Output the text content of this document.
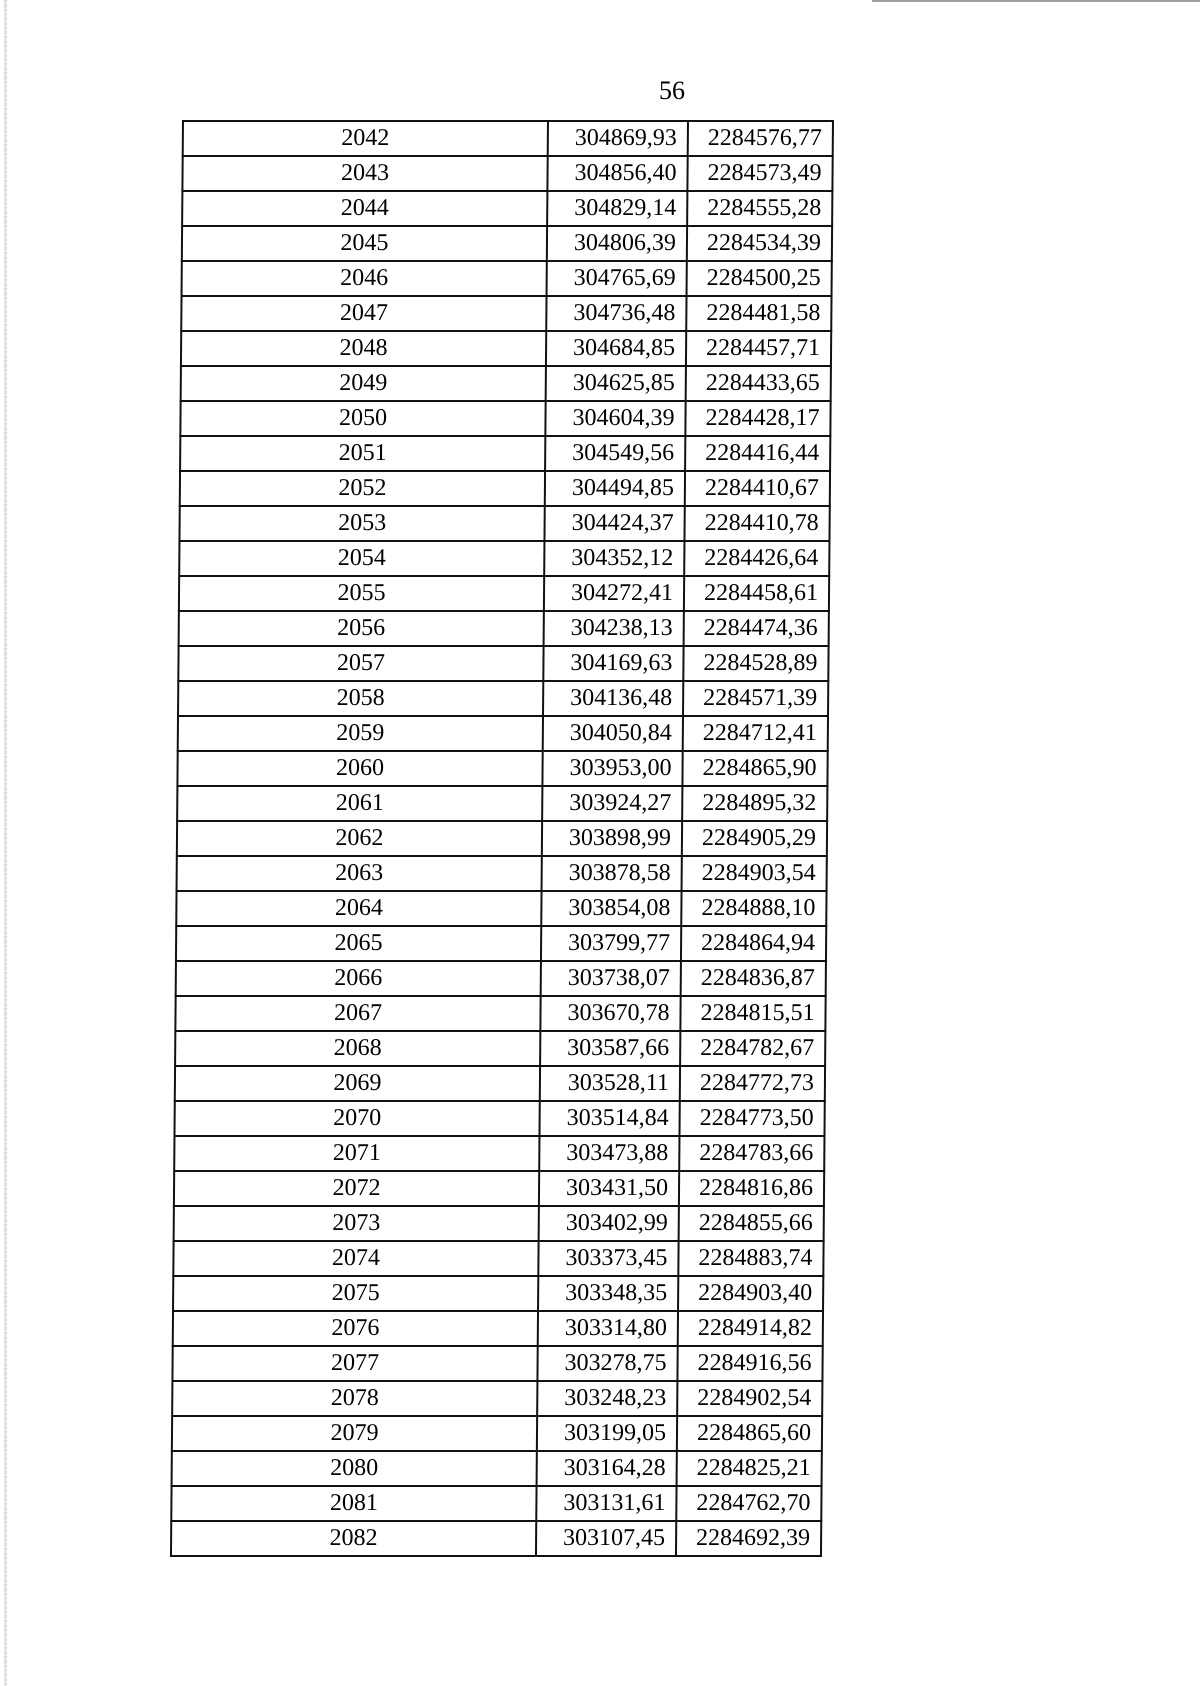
56
2042	304869,93	2284576,77
2043	304856,40	2284573,49
2044	304829,14	2284555,28
2045	304806,39	2284534,39
2046	304765,69	2284500,25
2047	304736,48	2284481,58
2048	304684,85	2284457,71
2049	304625,85	2284433,65
2050	304604,39	2284428,17
2051	304549,56	2284416,44
2052	304494,85	2284410,67
2053	304424,37	2284410,78
2054	304352,12	2284426,64
2055	304272,41	2284458,61
2056	304238,13	2284474,36
2057	304169,63	2284528,89
2058	304136,48	2284571,39
2059	304050,84	2284712,41
2060	303953,00	2284865,90
2061	303924,27	2284895,32
2062	303898,99	2284905,29
2063	303878,58	2284903,54
2064	303854,08	2284888,10
2065	303799,77	2284864,94
2066	303738,07	2284836,87
2067	303670,78	2284815,51
2068	303587,66	2284782,67
2069	303528,11	2284772,73
2070	303514,84	2284773,50
2071	303473,88	2284783,66
2072	303431,50	2284816,86
2073	303402,99	2284855,66
2074	303373,45	2284883,74
2075	303348,35	2284903,40
2076	303314,80	2284914,82
2077	303278,75	2284916,56
2078	303248,23	2284902,54
2079	303199,05	2284865,60
2080	303164,28	2284825,21
2081	303131,61	2284762,70
2082	303107,45	2284692,39
